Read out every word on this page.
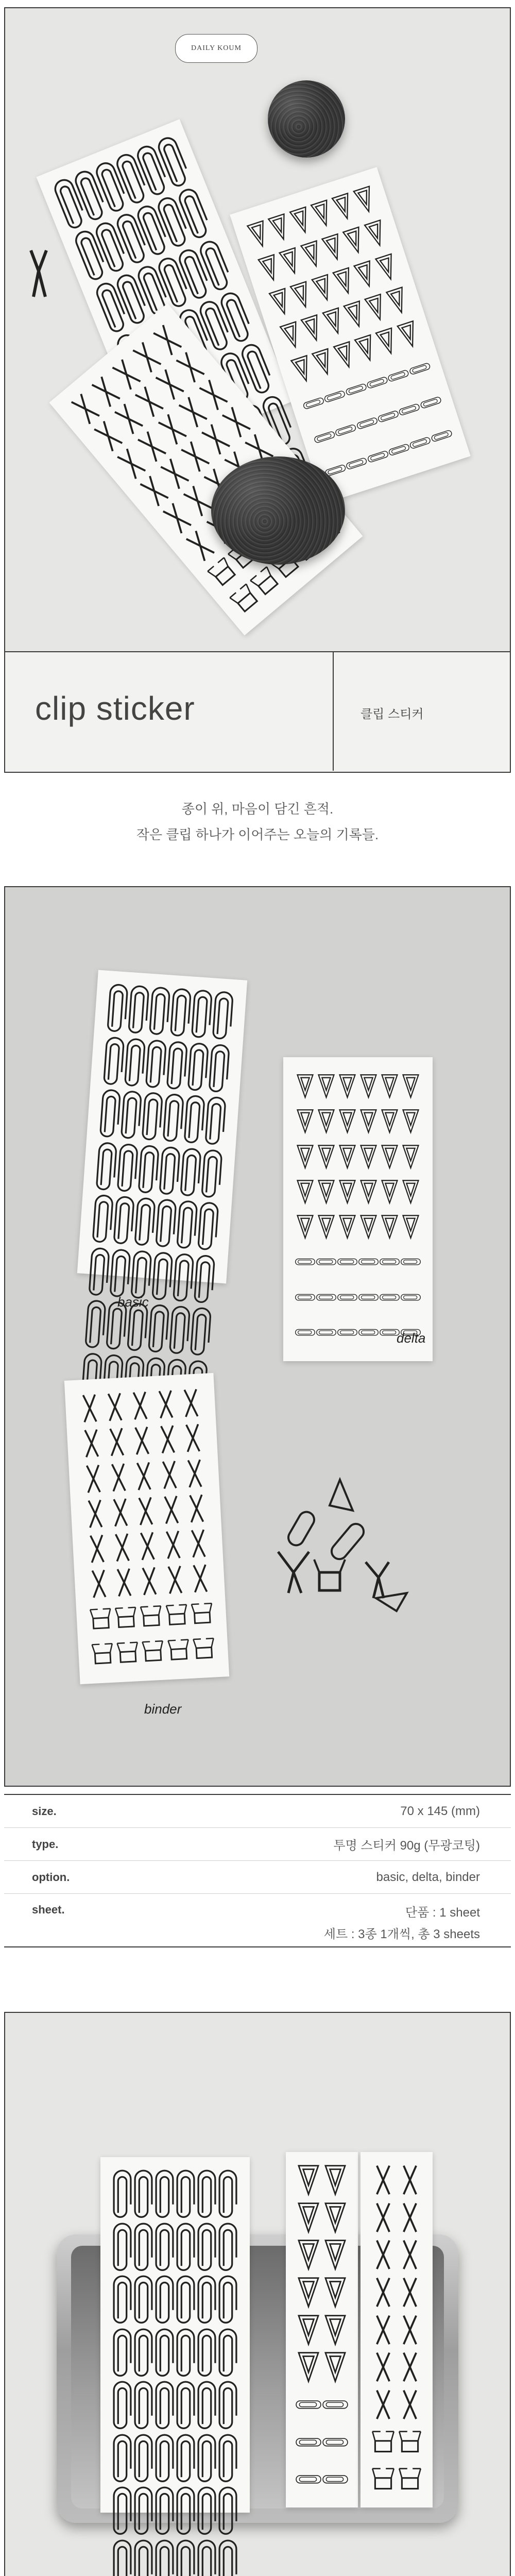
DAILY KOUM
clip sticker	클립 스티커
종이 위, 마음이 담긴 흔적.
작은 클립 하나가 이어주는 오늘의 기록들.
basic
delta
binder
size.	70 x 145 (mm)
type.	투명 스티커 90g (무광코팅)
option.	basic, delta, binder
sheet.	단품 : 1 sheet
세트 : 3종 1개씩, 총 3 sheets
